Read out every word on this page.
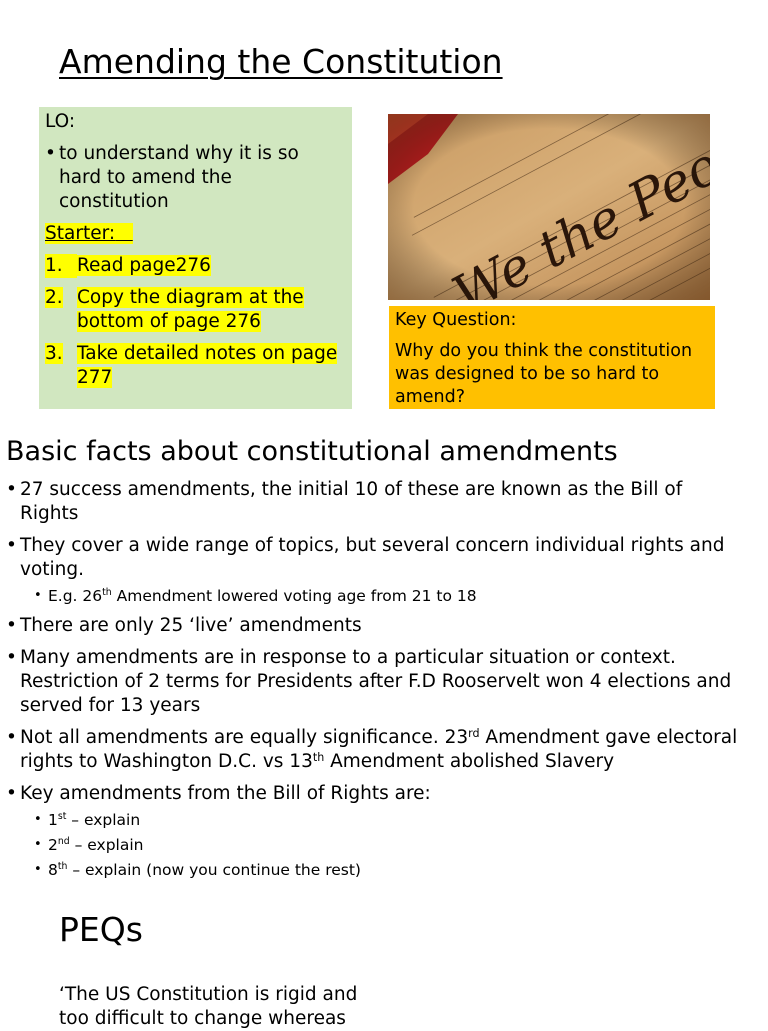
Amending the Constitution
LO:
• to understand why it is so hard to amend the constitution
Starter:
1. Read page276
2. Copy the diagram at the bottom of page 276
3. Take detailed notes on page 277
Key Question:
Why do you think the constitution was designed to be so hard to amend?
Basic facts about constitutional amendments
• 27 success amendments, the initial 10 of these are known as the Bill of Rights
• They cover a wide range of topics, but several concern individual rights and voting.
• E.g. 26th Amendment lowered voting age from 21 to 18
• There are only 25 ‘live’ amendments
• Many amendments are in response to a particular situation or context. Restriction of 2 terms for Presidents after F.D Rooservelt won 4 elections and served for 13 years
• Not all amendments are equally significance. 23rd Amendment gave electoral rights to Washington D.C. vs 13th Amendment abolished Slavery
• Key amendments from the Bill of Rights are:
• 1st – explain
• 2nd – explain
• 8th – explain (now you continue the rest)
PEQs
‘The US Constitution is rigid and too difficult to change whereas
